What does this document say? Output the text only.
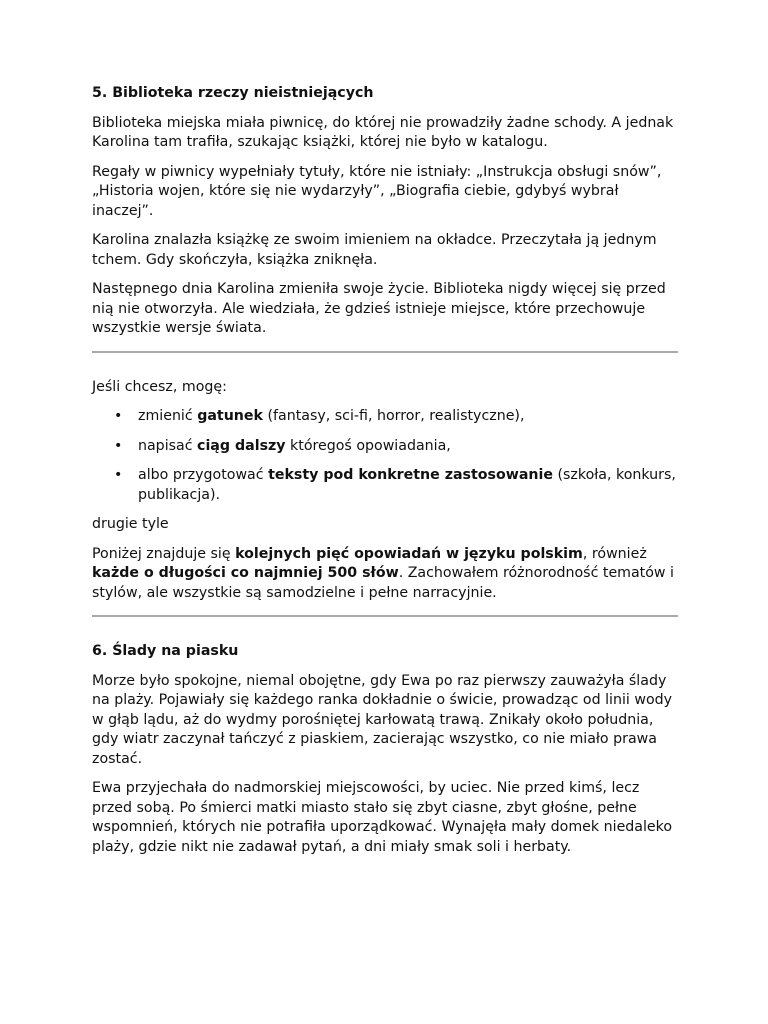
5. Biblioteka rzeczy nieistniejących

Biblioteka miejska miała piwnicę, do której nie prowadziły żadne schody. A jednak Karolina tam trafiła, szukając książki, której nie było w katalogu.

Regały w piwnicy wypełniały tytuły, które nie istniały: „Instrukcja obsługi snów”, „Historia wojen, które się nie wydarzyły”, „Biografia ciebie, gdybyś wybrał inaczej”.

Karolina znalazła książkę ze swoim imieniem na okładce. Przeczytała ją jednym tchem. Gdy skończyła, książka zniknęła.

Następnego dnia Karolina zmieniła swoje życie. Biblioteka nigdy więcej się przed nią nie otworzyła. Ale wiedziała, że gdzieś istnieje miejsce, które przechowuje wszystkie wersje świata.

Jeśli chcesz, mogę:

• zmienić gatunek (fantasy, sci-fi, horror, realistyczne),
• napisać ciąg dalszy któregoś opowiadania,
• albo przygotować teksty pod konkretne zastosowanie (szkoła, konkurs, publikacja).

drugie tyle

Poniżej znajduje się kolejnych pięć opowiadań w języku polskim, również każde o długości co najmniej 500 słów. Zachowałem różnorodność tematów i stylów, ale wszystkie są samodzielne i pełne narracyjnie.

6. Ślady na piasku

Morze było spokojne, niemal obojętne, gdy Ewa po raz pierwszy zauważyła ślady na plaży. Pojawiały się każdego ranka dokładnie o świcie, prowadząc od linii wody w głąb lądu, aż do wydmy porośniętej karłowatą trawą. Znikały około południa, gdy wiatr zaczynał tańczyć z piaskiem, zacierając wszystko, co nie miało prawa zostać.

Ewa przyjechała do nadmorskiej miejscowości, by uciec. Nie przed kimś, lecz przed sobą. Po śmierci matki miasto stało się zbyt ciasne, zbyt głośne, pełne wspomnień, których nie potrafiła uporządkować. Wynajęła mały domek niedaleko plaży, gdzie nikt nie zadawał pytań, a dni miały smak soli i herbaty.
